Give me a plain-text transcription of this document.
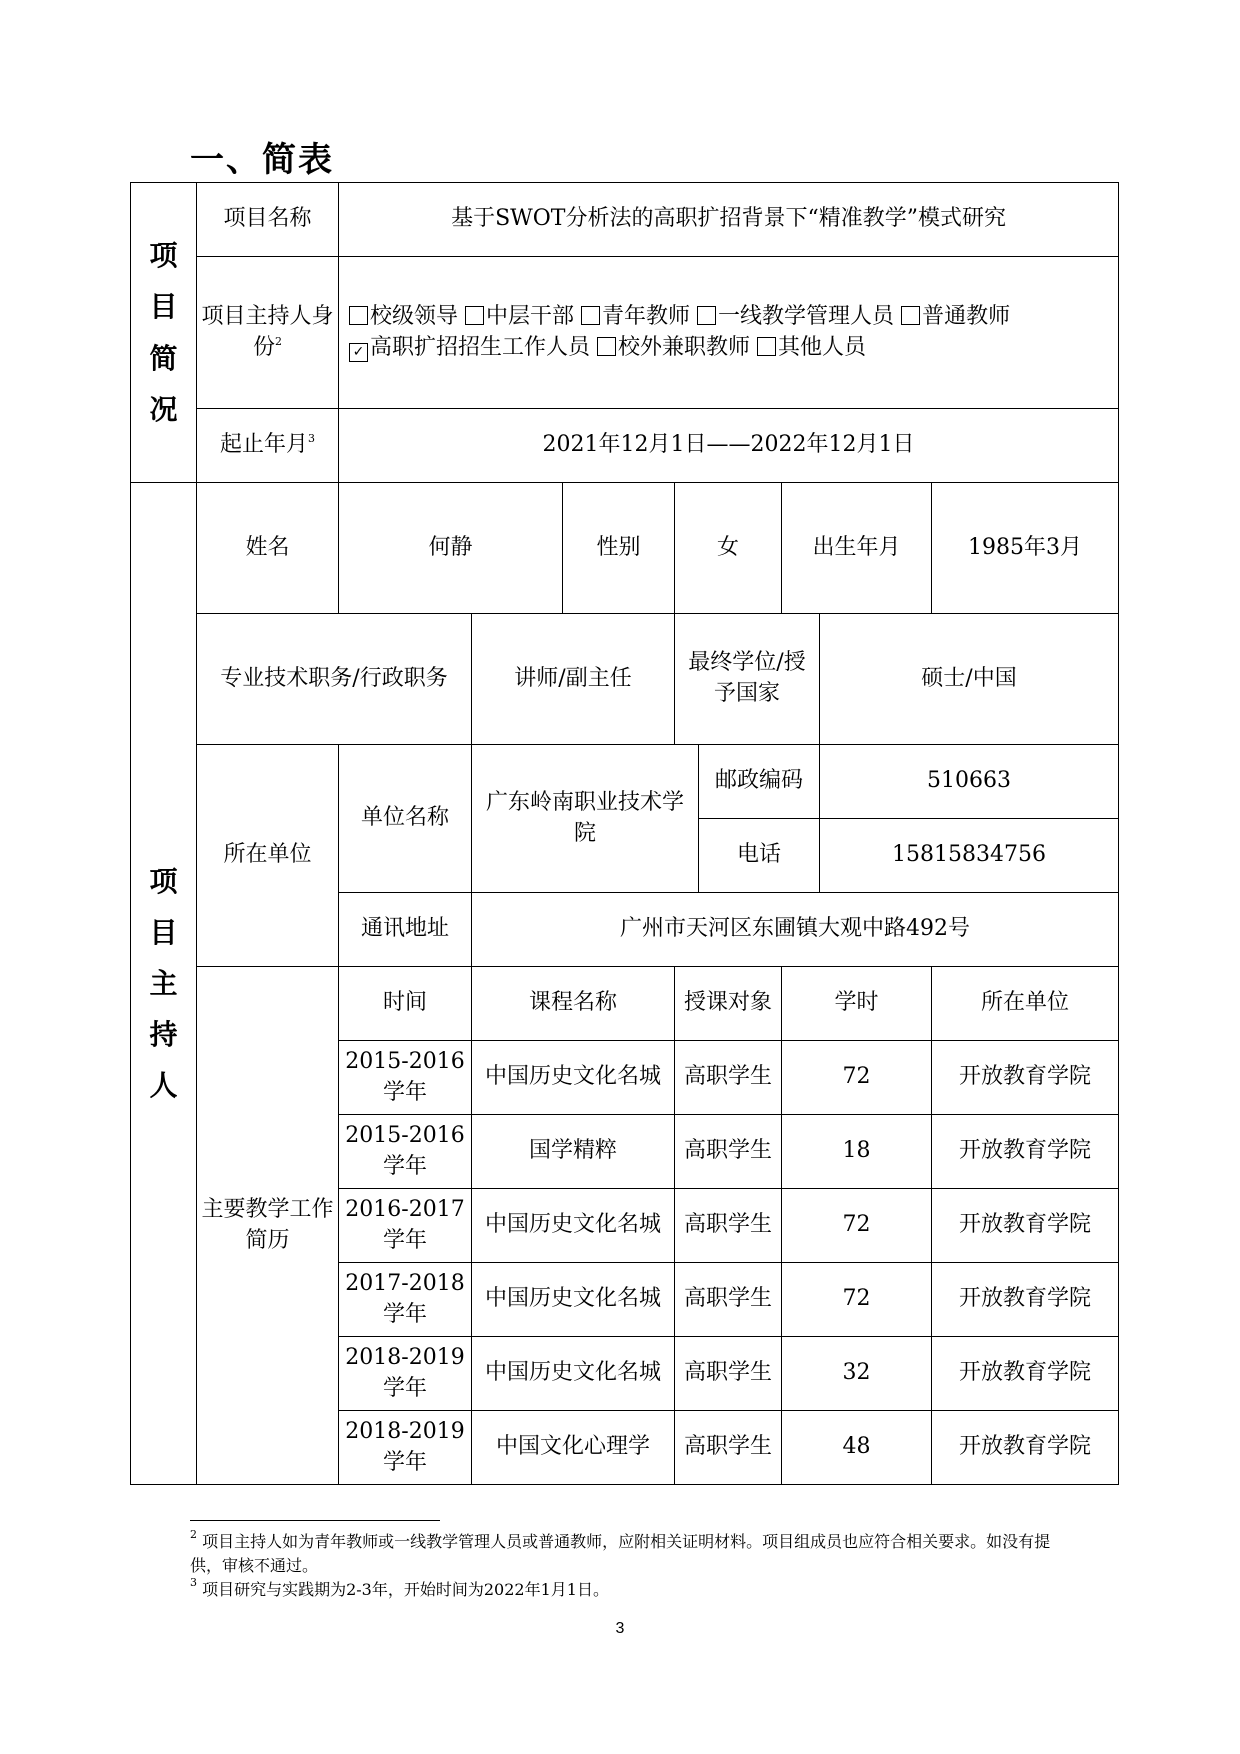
一、简表
项
目
简
况	项目名称	基于SWOT分析法的高职扩招背景下“精准教学”模式研究							
	项目主持人身份$^2$	校级领导 中层干部 青年教师 一线教学管理人员 普通教师 ✓ 高职扩招招生工作人员 校外兼职教师 其他人员							
	起止年月$^3$	2021年12月1日——2022年12月1日							

项
目
主
持
人	姓名	何静		性别	女		出生年月		1985年3月
	专业技术职务/行政职务		讲师/副主任		最终学位/授予国家			硕士/中国	
	所在单位	单位名称	广东岭南职业技术学院			邮政编码		510663	
						电话		15815834756	
		通讯地址	广州市天河区东圃镇大观中路492号						
	主要教学工作简历	时间	课程名称		授课对象		学时		所在单位
		2015-2016学年	中国历史文化名城		高职学生		72		开放教育学院
		2015-2016学年	国学精粹		高职学生		18		开放教育学院
		2016-2017学年	中国历史文化名城		高职学生		72		开放教育学院
		2017-2018学年	中国历史文化名城		高职学生		72		开放教育学院
		2018-2019学年	中国历史文化名城		高职学生		32		开放教育学院
		2018-2019学年	中国文化心理学		高职学生		48		开放教育学院

$^2$ 项目主持人如为青年教师或一线教学管理人员或普通教师，应附相关证明材料。项目组成员也应符合相关要求。如没有提供，审核不通过。

$^3$ 项目研究与实践期为2-3年，开始时间为2022年1月1日。

3
